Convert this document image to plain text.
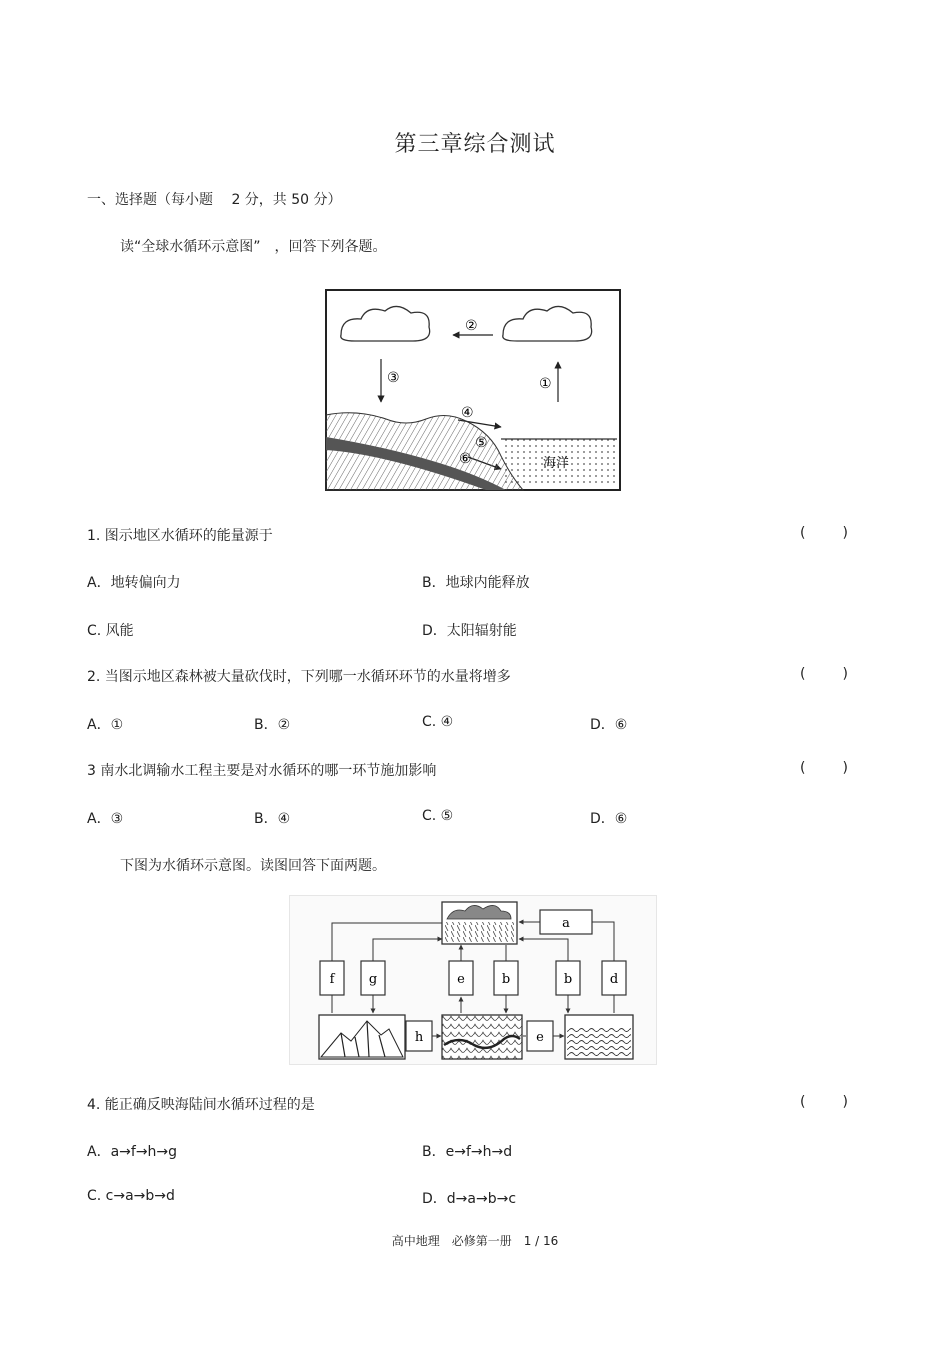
第三章综合测试
一、选择题（每小题　 2 分，共 50 分）
读“全球水循环示意图”　，回答下列各题。
②
③	①
④
⑤
⑥	海洋
1. 图示地区水循环的能量源于	(	)
A．地转偏向力	B．地球内能释放
C. 风能	D．太阳辐射能
2. 当图示地区森林被大量砍伐时，下列哪一水循环环节的水量将增多	(	)
A．①	B．②	C. ④	D．⑥
3 南水北调输水工程主要是对水循环的哪一环节施加影响	(	)
A．③	B．④	C. ⑤	D．⑥
下图为水循环示意图。读图回答下面两题。
a
f	g	e	b	b	d
h	e
4. 能正确反映海陆间水循环过程的是	(	)
A．a→f→h→g	B．e→f→h→d
C. c→a→b→d	D．d→a→b→c
高中地理　必修第一册　1 / 16
